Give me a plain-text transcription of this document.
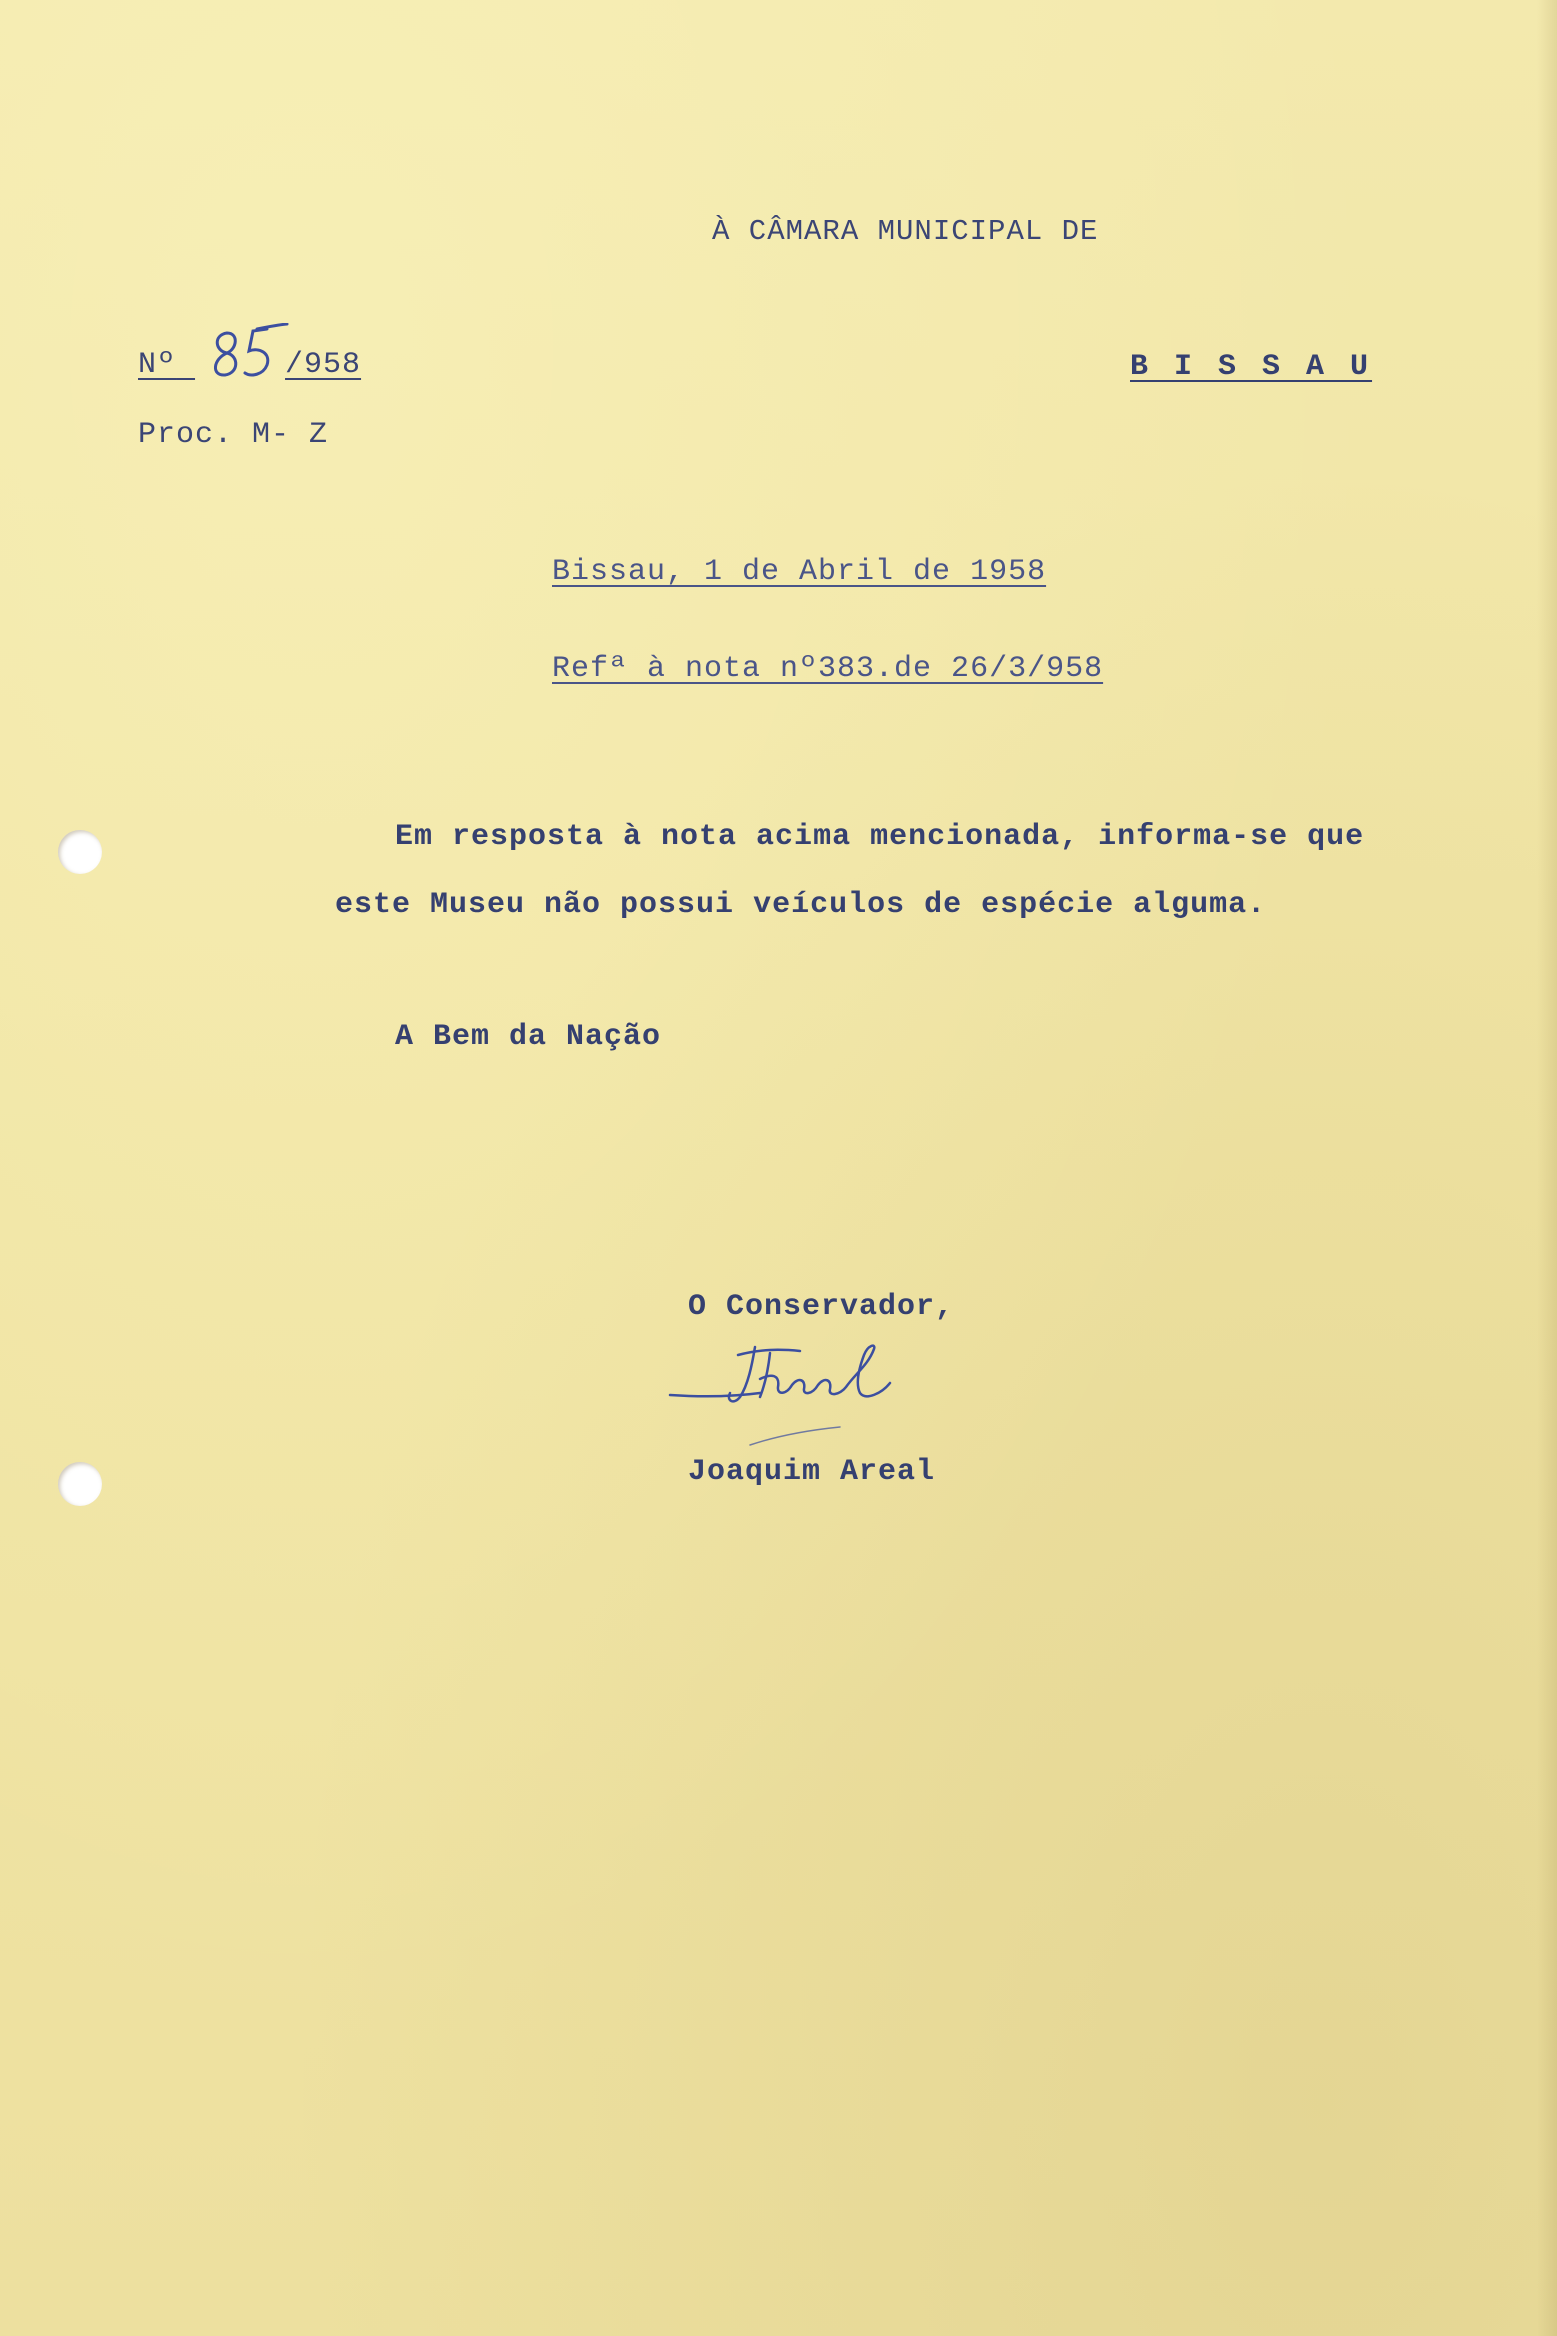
À CÂMARA MUNICIPAL DE
Nº	/958	B I S S A U
Proc. M- Z
Bissau, 1 de Abril de 1958
Refª à nota nº383.de 26/3/958
Em resposta à nota acima mencionada, informa-se que
este Museu não possui veículos de espécie alguma.
A Bem da Nação
O Conservador,
Joaquim Areal
